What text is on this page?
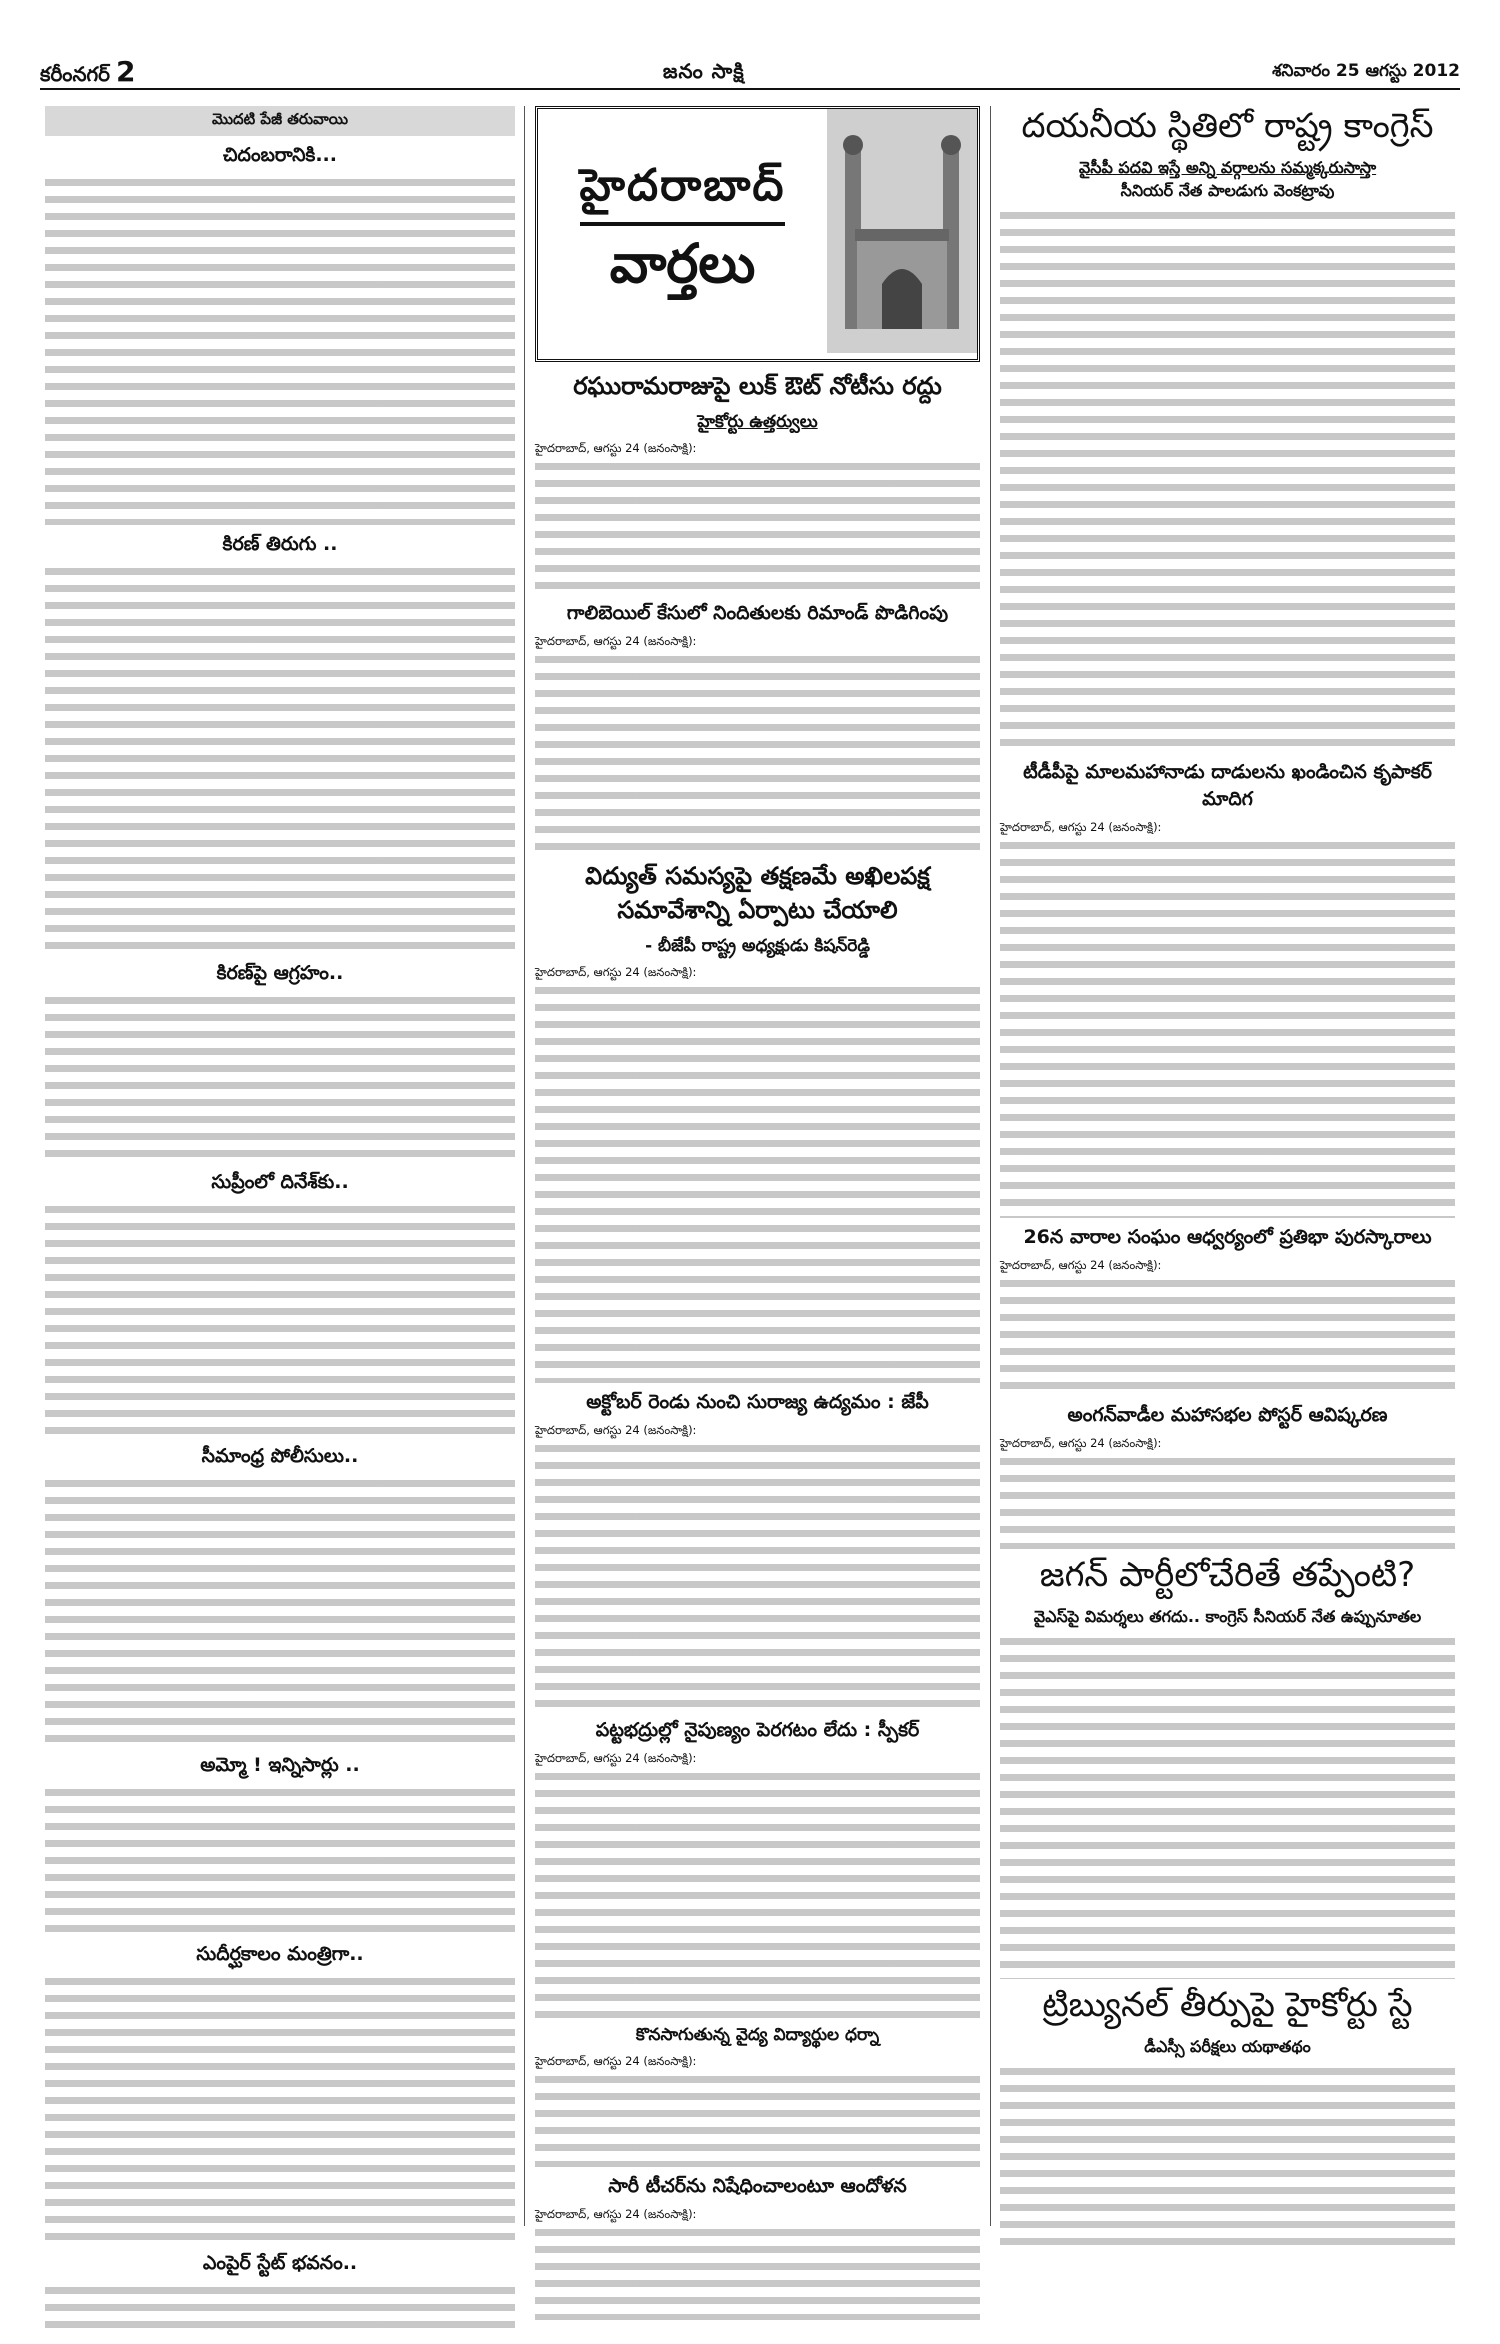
కరీంనగర్ 2	జనం సాక్షి	శనివారం 25 ఆగస్టు 2012
మొదటి పేజీ తరువాయి
చిదంబరానికి...
కిరణ్ తిరుగు ..
కిరణ్‌పై ఆగ్రహం..
సుప్రీంలో దినేశ్‌కు..
సీమాంధ్ర పోలీసులు..
అమ్మో ! ఇన్నిసార్లు ..
సుదీర్ఘకాలం మంత్రిగా..
ఎంపైర్ స్టేట్ భవనం..
హైదరాబాద్
వార్తలు
రఘురామరాజుపై లుక్ ఔట్ నోటీసు రద్దు
హైకోర్టు ఉత్తర్వులు
హైదరాబాద్, ఆగస్టు 24 (జనంసాక్షి):
గాలిబెయిల్ కేసులో నిందితులకు రిమాండ్ పొడిగింపు
హైదరాబాద్, ఆగస్టు 24 (జనంసాక్షి):
విద్యుత్ సమస్యపై తక్షణమే అఖిలపక్ష సమావేశాన్ని ఏర్పాటు చేయాలి
- బీజేపీ రాష్ట్ర అధ్యక్షుడు కిషన్‌రెడ్డి
హైదరాబాద్, ఆగస్టు 24 (జనంసాక్షి):
అక్టోబర్ రెండు నుంచి సురాజ్య ఉద్యమం : జేపీ
హైదరాబాద్, ఆగస్టు 24 (జనంసాక్షి):
పట్టభద్రుల్లో నైపుణ్యం పెరగటం లేదు : స్పీకర్
హైదరాబాద్, ఆగస్టు 24 (జనంసాక్షి):
కొనసాగుతున్న వైద్య విద్యార్థుల ధర్నా
హైదరాబాద్, ఆగస్టు 24 (జనంసాక్షి):
సారీ టీచర్‌ను నిషేధించాలంటూ ఆందోళన
హైదరాబాద్, ఆగస్టు 24 (జనంసాక్షి):
దయనీయ స్థితిలో రాష్ట్ర కాంగ్రెస్
వైసీపీ పదవి ఇస్తే అన్ని వర్గాలను సమ్మక్కరుసాస్తా
సీనియర్ నేత పాలడుగు వెంకట్రావు
టీడీపీపై మాలమహానాడు దాడులను ఖండించిన కృపాకర్ మాదిగ
హైదరాబాద్, ఆగస్టు 24 (జనంసాక్షి):
26న వారాల సంఘం ఆధ్వర్యంలో ప్రతిభా పురస్కారాలు
హైదరాబాద్, ఆగస్టు 24 (జనంసాక్షి):
అంగన్‌వాడీల మహాసభల పోస్టర్ ఆవిష్కరణ
హైదరాబాద్, ఆగస్టు 24 (జనంసాక్షి):
జగన్ పార్టీలోచేరితే తప్పేంటి?
వైఎస్‌పై విమర్శలు తగదు.. కాంగ్రెస్ సీనియర్ నేత ఉప్పునూతల
ట్రిబ్యునల్ తీర్పుపై హైకోర్టు స్టే
డీఎస్సీ పరీక్షలు యథాతథం
